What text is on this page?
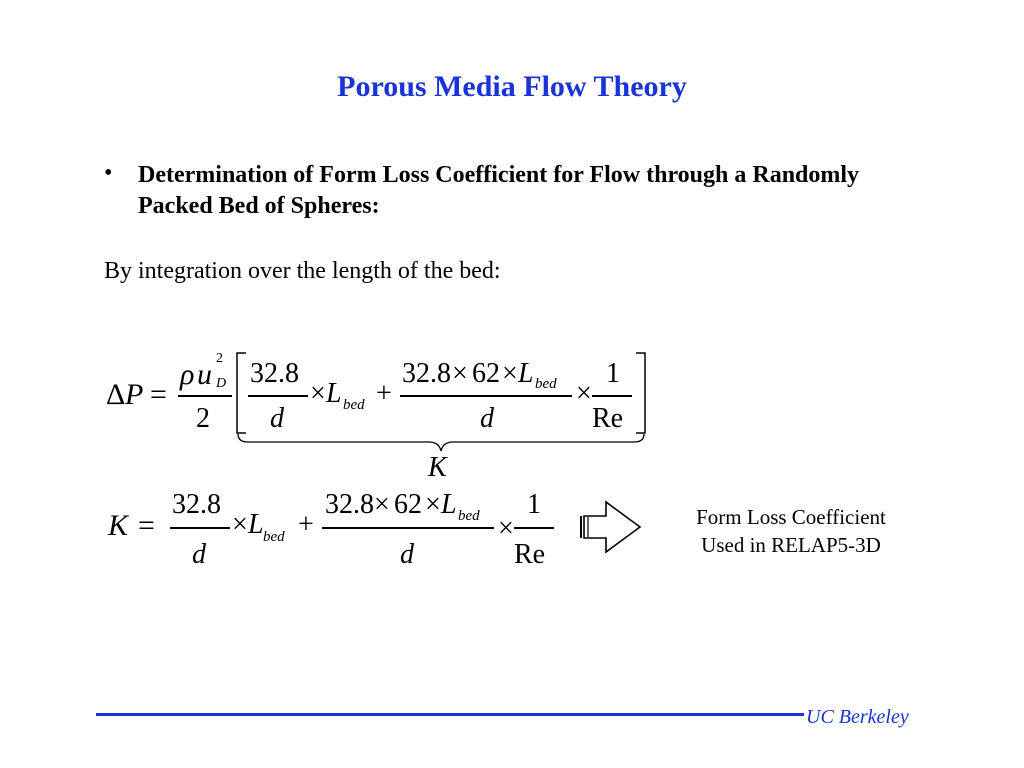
Porous Media Flow Theory
• Determination of Form Loss Coefficient for Flow through a Randomly Packed Bed of Spheres:
By integration over the length of the bed:
Δ P =
ρ u 2
D
2
32.8
d
× L bed +
32.8 × 62 × L bed
d
×
1
Re
K
K =
32.8
d
× L bed +
32.8 × 62 × L bed
d
×
1
Re
Form Loss Coefficient
Used in RELAP5-3D
UC Berkeley
